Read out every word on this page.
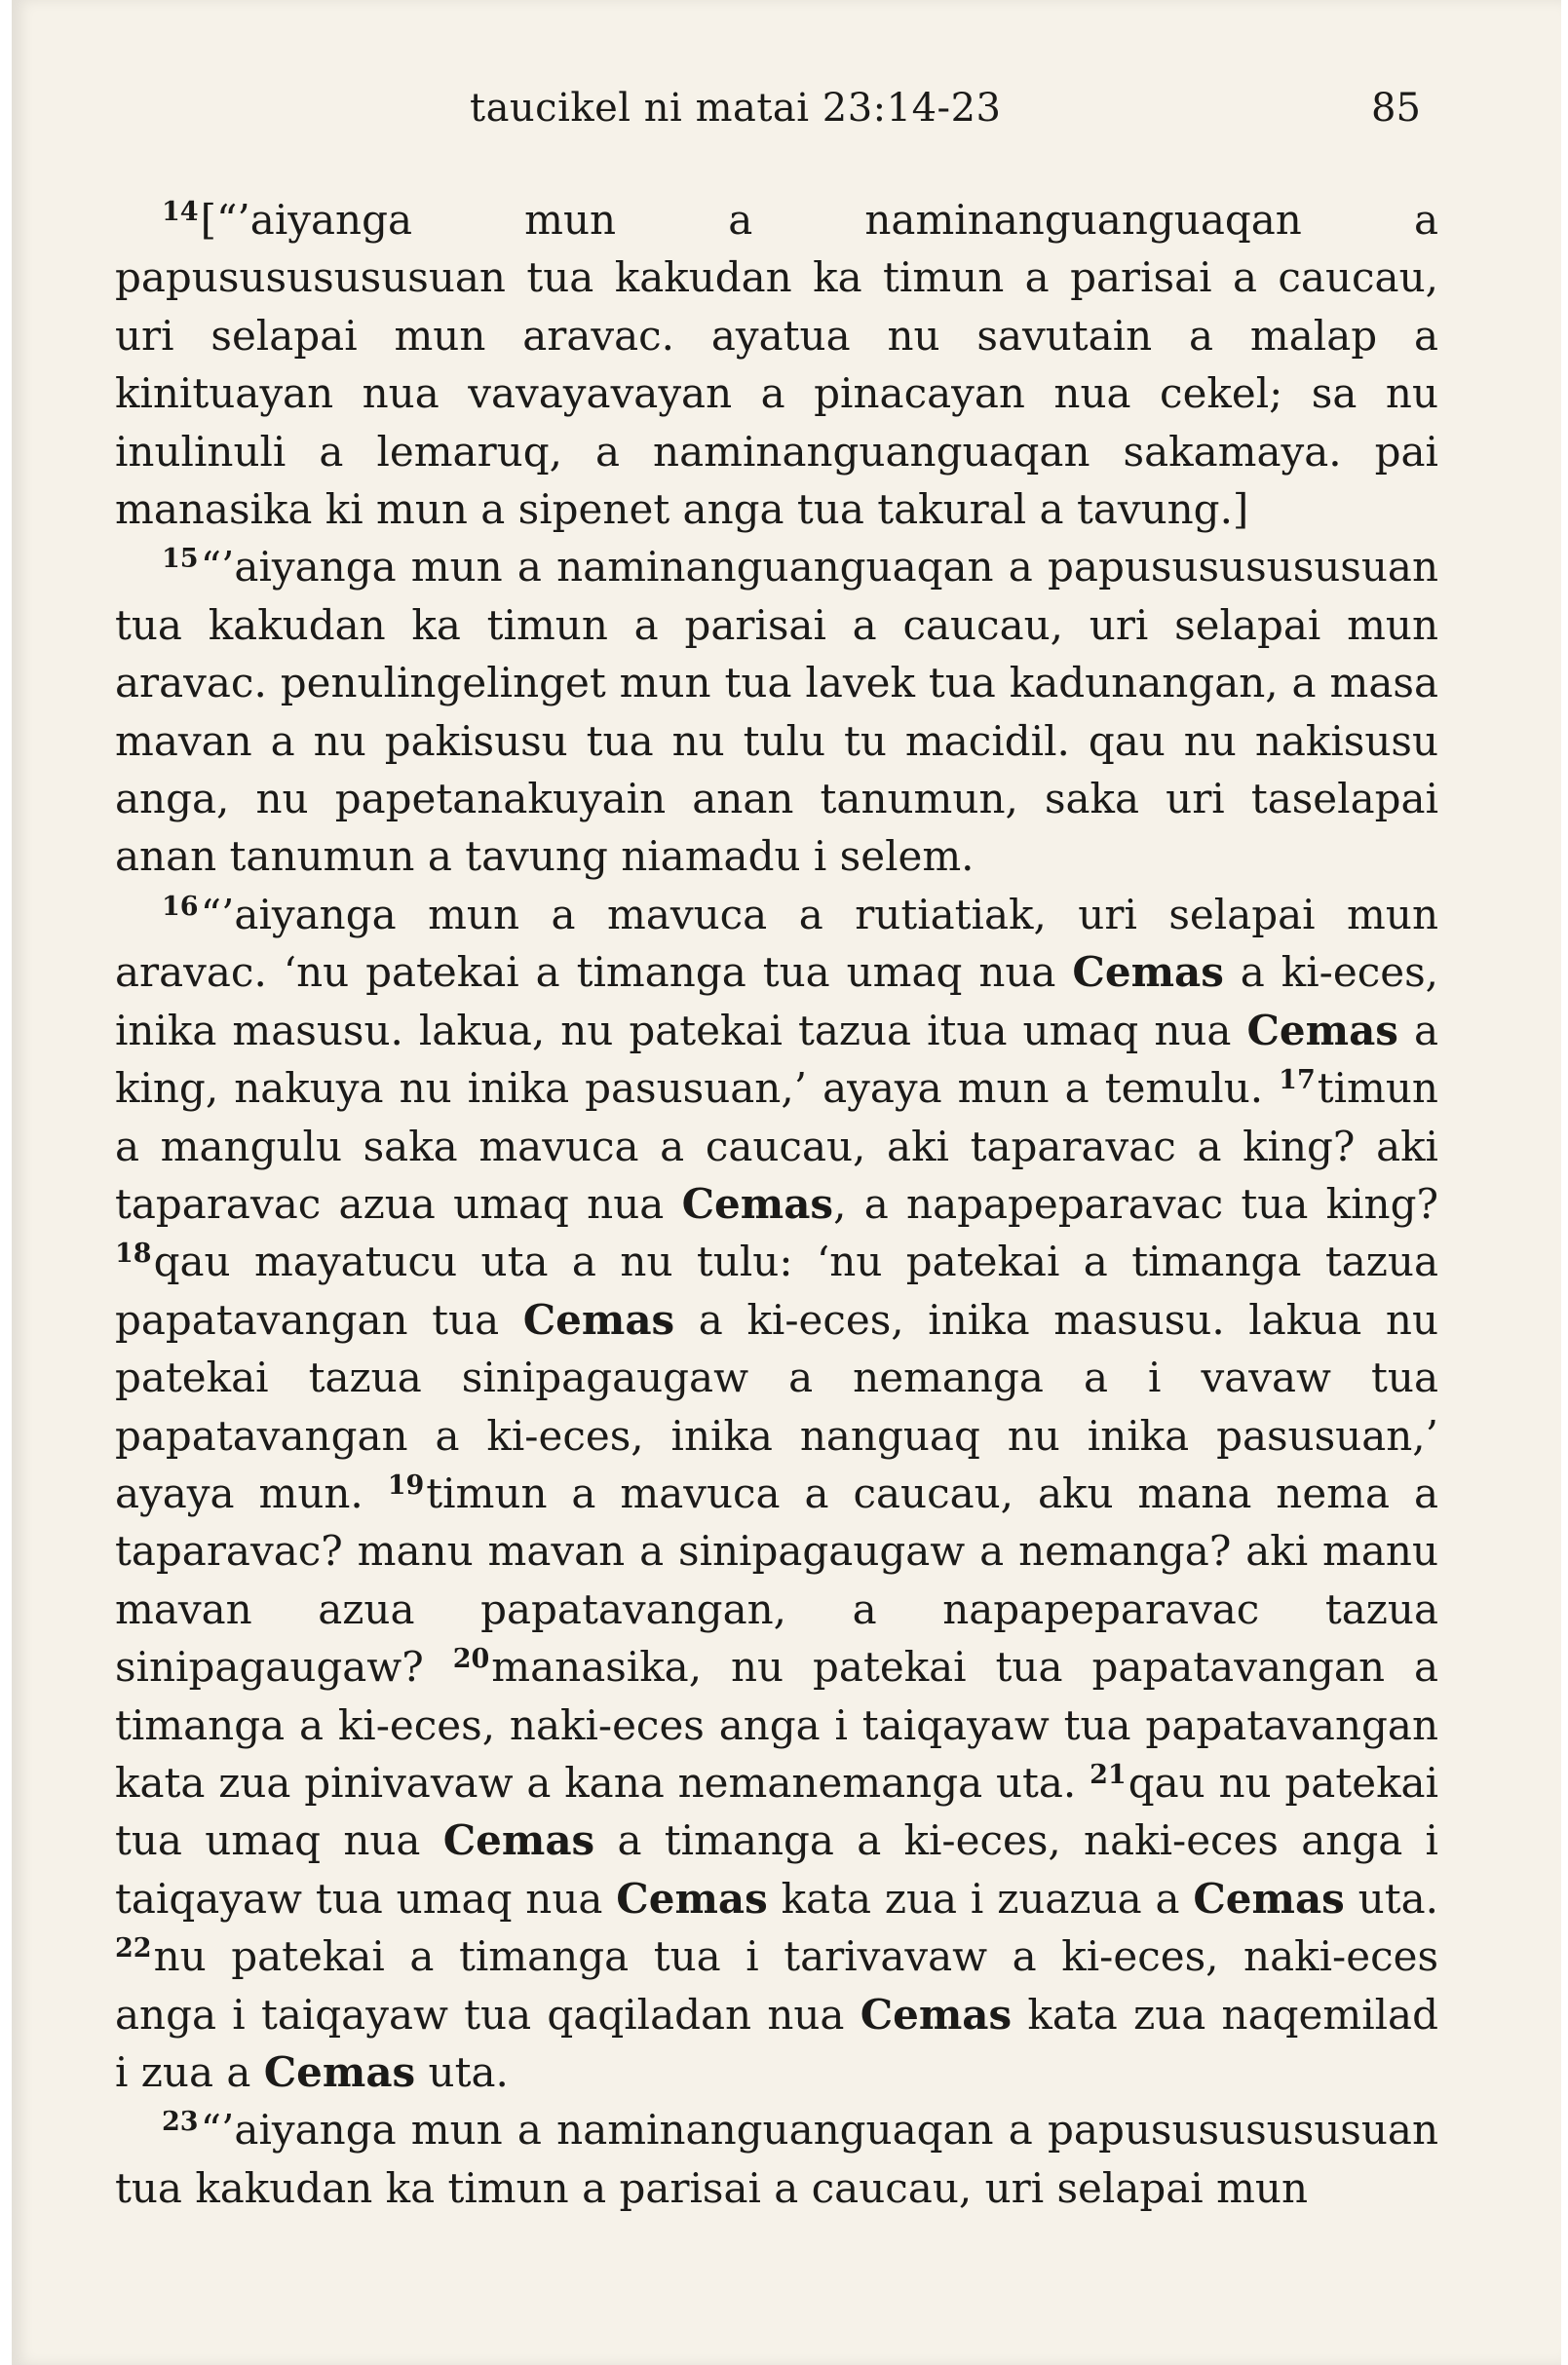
taucikel ni matai 23:14-23	85

$^{14}$[“’aiyanga mun a naminanguanguaqan a papusususususuan tua kakudan ka timun a parisai a caucau, uri selapai mun aravac. ayatua nu savutain a malap a kinituayan nua vavayavayan a pinacayan nua cekel; sa nu inulinuli a lemaruq, a naminanguanguaqan sakamaya. pai manasika ki mun a sipenet anga tua takural a tavung.]

$^{15}$“’aiyanga mun a naminanguanguaqan a papusususususuan tua kakudan ka timun a parisai a caucau, uri selapai mun aravac. penulingelinget mun tua lavek tua kadunangan, a masa mavan a nu pakisusu tua nu tulu tu macidil. qau nu nakisusu anga, nu papetanakuyain anan tanumun, saka uri taselapai anan tanumun a tavung niamadu i selem.

$^{16}$“’aiyanga mun a mavuca a rutiatiak, uri selapai mun aravac. ‘nu patekai a timanga tua umaq nua Cemas a ki-eces, inika masusu. lakua, nu patekai tazua itua umaq nua Cemas a king, nakuya nu inika pasusuan,’ ayaya mun a temulu. $^{17}$timun a mangulu saka mavuca a caucau, aki taparavac a king? aki taparavac azua umaq nua Cemas, a napapeparavac tua king? $^{18}$qau mayatucu uta a nu tulu: ‘nu patekai a timanga tazua papatavangan tua Cemas a ki-eces, inika masusu. lakua nu patekai tazua sinipagaugaw a nemanga a i vavaw tua papatavangan a ki-eces, inika nanguaq nu inika pasusuan,’ ayaya mun. $^{19}$timun a mavuca a caucau, aku mana nema a taparavac? manu mavan a sinipagaugaw a nemanga? aki manu mavan azua papatavangan, a napapeparavac tazua sinipagaugaw? $^{20}$manasika, nu patekai tua papatavangan a timanga a ki-eces, naki-eces anga i taiqayaw tua papatavangan kata zua pinivavaw a kana nemanemanga uta. $^{21}$qau nu patekai tua umaq nua Cemas a timanga a ki-eces, naki-eces anga i taiqayaw tua umaq nua Cemas kata zua i zuazua a Cemas uta. $^{22}$nu patekai a timanga tua i tarivavaw a ki-eces, naki-eces anga i taiqayaw tua qaqiladan nua Cemas kata zua naqemilad i zua a Cemas uta.

$^{23}$“’aiyanga mun a naminanguanguaqan a papusususususuan tua kakudan ka timun a parisai a caucau, uri selapai mun
